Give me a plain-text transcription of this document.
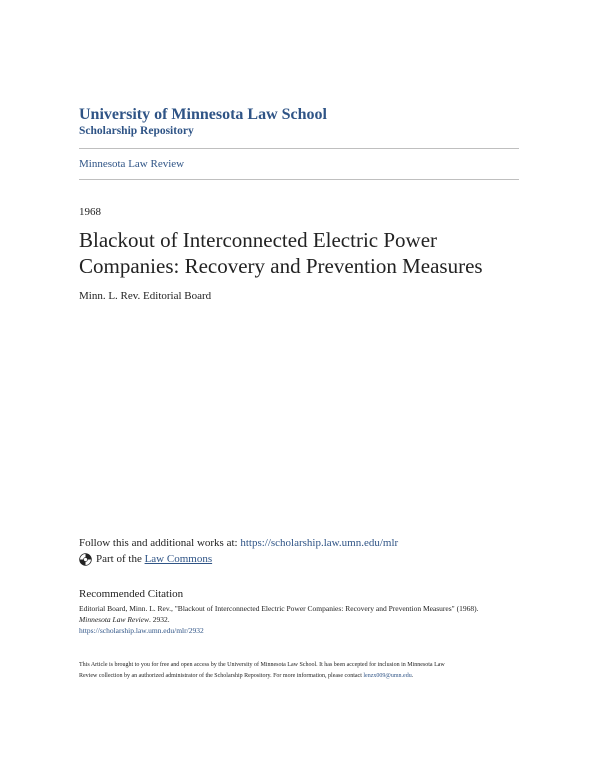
University of Minnesota Law School
Scholarship Repository
Minnesota Law Review
1968
Blackout of Interconnected Electric Power
Companies: Recovery and Prevention Measures
Minn. L. Rev. Editorial Board
Follow this and additional works at: https://scholarship.law.umn.edu/mlr
Part of the
Law Commons
Recommended Citation
Editorial Board, Minn. L. Rev., "Blackout of Interconnected Electric Power Companies: Recovery and Prevention Measures" (1968).
Minnesota Law Review. 2932.
https://scholarship.law.umn.edu/mlr/2932
This Article is brought to you for free and open access by the University of Minnesota Law School. It has been accepted for inclusion in Minnesota Law
Review collection by an authorized administrator of the Scholarship Repository. For more information, please contact lenzx009@umn.edu.
